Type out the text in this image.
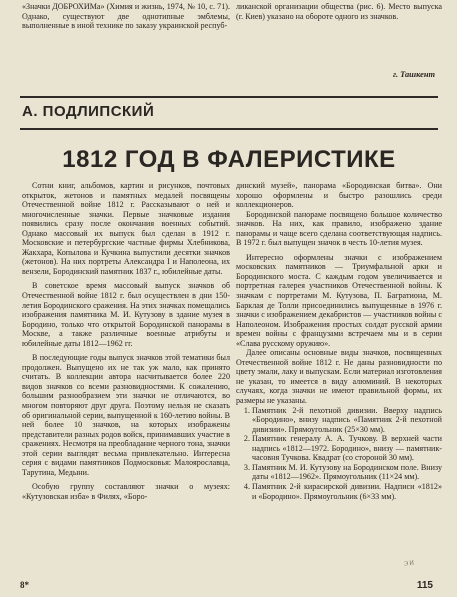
«Значки ДОБРОХИМа» (Химия и жизнь, 1974, № 10, с. 71). Однако, существуют две однотипные эмблемы, выполненные в иной технике по заказу украинской респуб-

ликанской организации общества (рис. 6). Место выпуска (г. Киев) указано на обороте одного из значков.

г. Ташкент
А. ПОДЛИПСКИЙ
1812 ГОД В ФАЛЕРИСТИКЕ

Сотни книг, альбомов, картин и рисунков, почтовых открыток, жетонов и памятных медалей посвящены Отечественной войне 1812 г. Рассказывают о ней и многочисленные значки. Первые значковые издания появились сразу после окончания военных событий. Однако массовый их выпуск был сделан в 1912 г. Московские и петербургские частные фирмы Хлебникова, Жакхара, Копылова и Кучкина выпустили десятки значков (жетонов). На них портреты Александра I и Наполеона, их вензели, Бородинский памятник 1837 г., юбилейные даты.

В советское время массовый выпуск значков об Отечественной войне 1812 г. был осуществлен в дни 150-летия Бородинского сражения. На этих значках помещались изображения памятника М. И. Кутузову в здание музея в Бородино, только что открытой Бородинской панорамы в Москве, а также различные военные атрибуты и юбилейные даты 1812—1962 гг.

В последующие годы выпуск значков этой тематики был продолжен. Выпущено их не так уж мало, как принято считать. В коллекции автора насчитывается более 220 видов значков со всеми разновидностями. К сожалению, большим разнообразием эти значки не отличаются, во многом повторяют друг друга. Поэтому нельзя не сказать об оригинальной серии, выпущенной к 160-летию войны. В ней более 10 значков, на которых изображены представители разных родов войск, принимавших участие в сражениях. Несмотря на преобладание черного тона, значки этой серии выглядят весьма привлекательно. Интересна серия с видами памятников Подмосковья: Малоярославца, Тарутина, Медыни.

Особую группу составляют значки о музеях: «Кутузовская изба» в Филях, «Боро-

динский музей», панорама «Бородинская битва». Они хорошо оформлены и быстро разошлись среди коллекционеров.

Бородинской панораме посвящено большое количество значков. На них, как правило, изображено здание панорамы и чаще всего сделана соответствующая надпись. В 1972 г. был выпущен значок в честь 10-летия музея.

Интересно оформлены значки с изображением московских памятников — Триумфальной арки и Бородинского моста. С каждым годом увеличивается и портретная галерея участников Отечественной войны. К значкам с портретами М. Кутузова, П. Багратиона, М. Барклая де Толли присоединились выпущенные в 1976 г. значки с изображением декабристов — участников войны с Наполеоном. Изображения простых солдат русской армии времен войны с французами встречаем мы и в серии «Слава русскому оружию».

Далее описаны основные виды значков, посвященных Отечественной войне 1812 г. Не даны разновидности по цвету эмали, лаку и выпускам. Если материал изготовления не указан, то имеется в виду алюминий. В некоторых случаях, когда значки не имеют правильной формы, их размеры не указаны.

1. Памятник 2-й пехотной дивизии. Вверху надпись «Бородино», внизу надпись «Памятник 2-й пехотной дивизии». Прямоугольник (25×30 мм).
2. Памятник генералу А. А. Тучкову. В верхней части надпись «1812—1972. Бородино», внизу — памятник-часовня Тучкова. Квадрат (со стороной 30 мм).
3. Памятник М. И. Кутузову на Бородинском поле. Внизу даты «1812—1962». Прямоугольник (11×24 мм).
4. Памятник 2-й кирасирской дивизии. Надписи «1812» и «Бородино». Прямоугольник (6×33 мм).
ЭИ
8*	115
